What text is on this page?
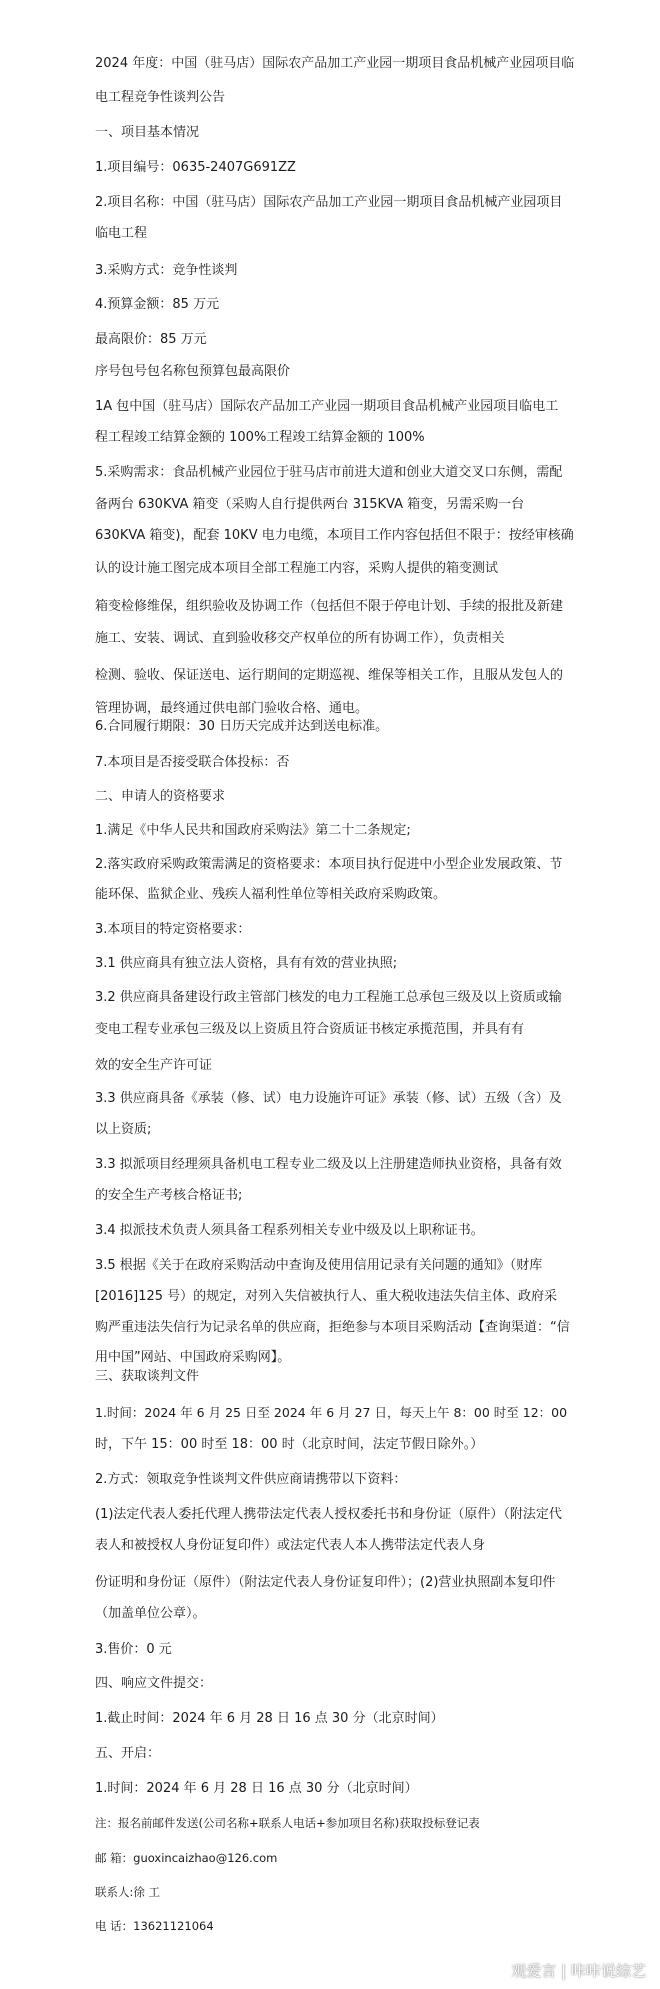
2024 年度：中国（驻马店）国际农产品加工产业园一期项目食品机械产业园项目临
电工程竞争性谈判公告
一、项目基本情况
1.项目编号：0635-2407G691ZZ
2.项目名称：中国（驻马店）国际农产品加工产业园一期项目食品机械产业园项目
临电工程
3.采购方式：竞争性谈判
4.预算金额：85 万元
最高限价：85 万元
序号包号包名称包预算包最高限价
1A 包中国（驻马店）国际农产品加工产业园一期项目食品机械产业园项目临电工
程工程竣工结算金额的 100%工程竣工结算金额的 100%
5.采购需求：食品机械产业园位于驻马店市前进大道和创业大道交叉口东侧，需配
备两台 630KVA 箱变（采购人自行提供两台 315KVA 箱变，另需采购一台
630KVA 箱变)，配套 10KV 电力电缆，本项目工作内容包括但不限于：按经审核确
认的设计施工图完成本项目全部工程施工内容，采购人提供的箱变测试
箱变检修维保，组织验收及协调工作（包括但不限于停电计划、手续的报批及新建
施工、安装、调试、直到验收移交产权单位的所有协调工作），负责相关
检测、验收、保证送电、运行期间的定期巡视、维保等相关工作，且服从发包人的
管理协调，最终通过供电部门验收合格、通电。
6.合同履行期限：30 日历天完成并达到送电标准。
7.本项目是否接受联合体投标：否
二、申请人的资格要求
1.满足《中华人民共和国政府采购法》第二十二条规定;
2.落实政府采购政策需满足的资格要求：本项目执行促进中小型企业发展政策、节
能环保、监狱企业、残疾人福利性单位等相关政府采购政策。
3.本项目的特定资格要求：
3.1 供应商具有独立法人资格，具有有效的营业执照;
3.2 供应商具备建设行政主管部门核发的电力工程施工总承包三级及以上资质或输
变电工程专业承包三级及以上资质且符合资质证书核定承揽范围，并具有有
效的安全生产许可证
3.3 供应商具备《承装（修、试）电力设施许可证》承装（修、试）五级（含）及
以上资质;
3.3 拟派项目经理须具备机电工程专业二级及以上注册建造师执业资格，具备有效
的安全生产考核合格证书;
3.4 拟派技术负责人须具备工程系列相关专业中级及以上职称证书。
3.5 根据《关于在政府采购活动中查询及使用信用记录有关问题的通知》（财库
[2016]125 号）的规定，对列入失信被执行人、重大税收违法失信主体、政府采
购严重违法失信行为记录名单的供应商，拒绝参与本项目采购活动【查询渠道：“信
用中国”网站、中国政府采购网】。
三、获取谈判文件
1.时间：2024 年 6 月 25 日至 2024 年 6 月 27 日，每天上午 8：00 时至 12：00
时，下午 15：00 时至 18：00 时（北京时间，法定节假日除外。）
2.方式：领取竞争性谈判文件供应商请携带以下资料：
(1)法定代表人委托代理人携带法定代表人授权委托书和身份证（原件）（附法定代
表人和被授权人身份证复印件）或法定代表人本人携带法定代表人身
份证明和身份证（原件）（附法定代表人身份证复印件）；(2)营业执照副本复印件
（加盖单位公章）。
3.售价：0 元
四、响应文件提交：
1.截止时间：2024 年 6 月 28 日 16 点 30 分（北京时间）
五、开启：
1.时间：2024 年 6 月 28 日 16 点 30 分（北京时间）
注：报名前邮件发送(公司名称+联系人电话+参加项目名称)获取投标登记表
邮 箱：guoxincaizhao@126.com
联系人:徐 工
电 话：13621121064
观爱言 | 咔咔说综艺
